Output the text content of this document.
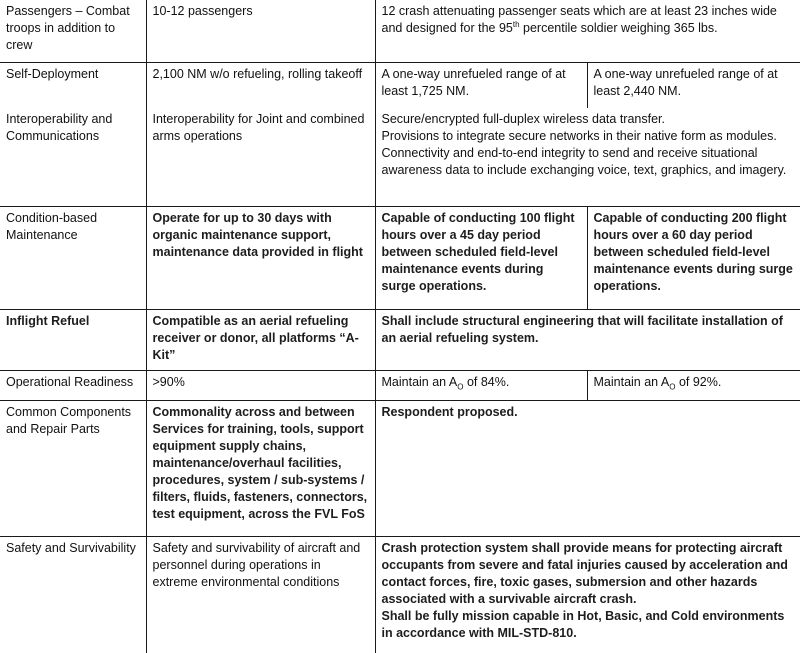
Passengers – Combat troops in addition to crew	10-12 passengers	12 crash attenuating passenger seats which are at least 23 inches wide
and designed for the 95th percentile soldier weighing 365 lbs.	

Self-Deployment	2,100 NM w/o refueling, rolling takeoff	A one-way unrefueled range of at least 1,725 NM.	A one-way unrefueled range of at least 2,440 NM.
Interoperability and Communications	Interoperability for Joint and combined arms operations	Secure/encrypted full-duplex wireless data transfer.
Provisions to integrate secure networks in their native form as modules.
Connectivity and end-to-end integrity to send and receive situational awareness data to include exchanging voice, text, graphics, and imagery.	

Condition-based Maintenance	Operate for up to 30 days with organic maintenance support, maintenance data provided in flight	Capable of conducting 100 flight hours over a 45 day period between scheduled field-level maintenance events during surge operations.	Capable of conducting 200 flight hours over a 60 day period between scheduled field-level maintenance events during surge operations.
Inflight Refuel	Compatible as an aerial refueling receiver or donor, all platforms “A-Kit”	Shall include structural engineering that will facilitate installation of an aerial refueling system.	
Operational Readiness	>90%	Maintain an $A_O$ of 84%.	Maintain an $A_O$ of 92%.
Common Components and Repair Parts	Commonality across and between Services for training, tools, support equipment supply chains, maintenance/overhaul facilities, procedures, system / sub-systems / filters, fluids, fasteners, connectors, test equipment, across the FVL FoS	Respondent proposed.	
Safety and Survivability	Safety and survivability of aircraft and personnel during operations in extreme environmental conditions	Crash protection system shall provide means for protecting aircraft occupants from severe and fatal injuries caused by acceleration and contact forces, fire, toxic gases, submersion and other hazards associated with a survivable aircraft crash.
Shall be fully mission capable in Hot, Basic, and Cold environments in accordance with MIL-STD-810.	
